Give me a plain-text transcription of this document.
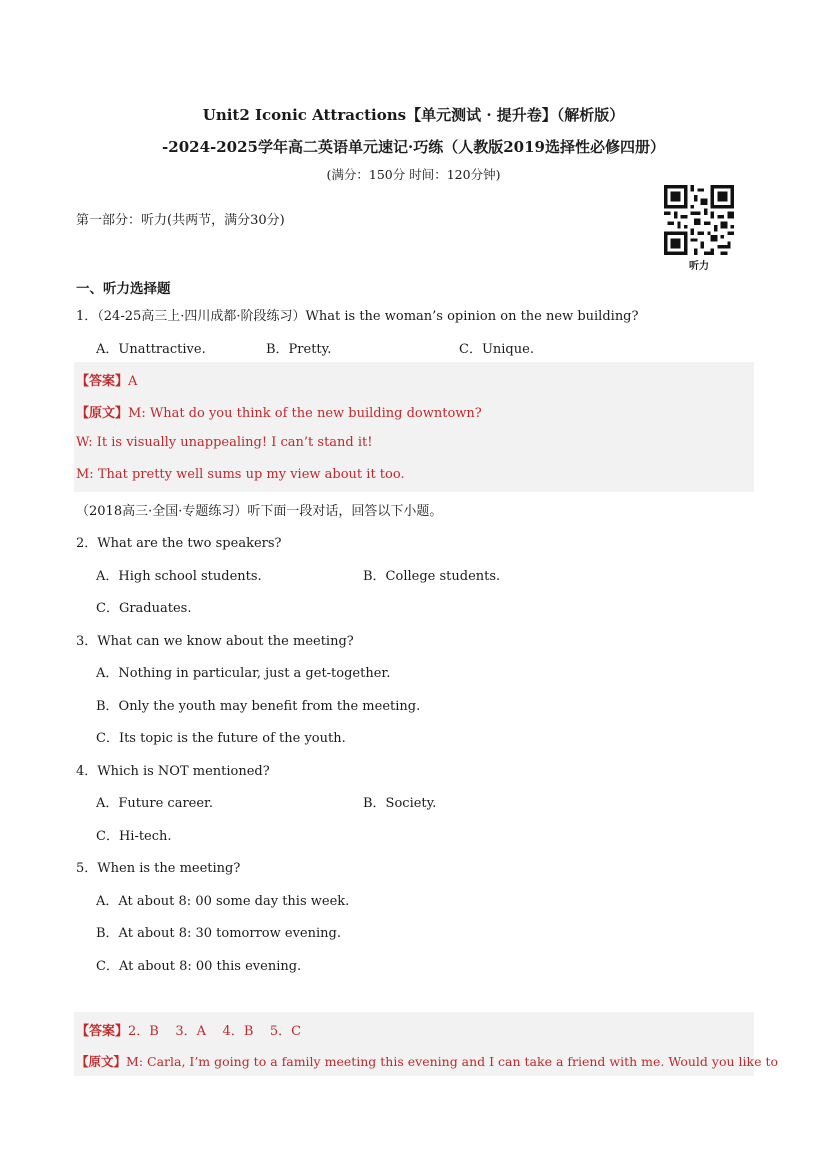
Unit2 Iconic Attractions【单元测试 · 提升卷】（解析版）
-2024-2025学年高二英语单元速记·巧练（人教版2019选择性必修四册）
(满分：150分 时间：120分钟)
第一部分：听力(共两节，满分30分)
听力
一、听力选择题
1．（24-25高三上·四川成都·阶段练习）What is the woman’s opinion on the new building?
A．Unattractive.	B．Pretty.	C．Unique.
【答案】A
【原文】M: What do you think of the new building downtown?
W: It is visually unappealing! I can’t stand it!
M: That pretty well sums up my view about it too.
（2018高三·全国·专题练习）听下面一段对话，回答以下小题。
2．What are the two speakers?
A．High school students.	B．College students.
C．Graduates.
3．What can we know about the meeting?
A．Nothing in particular, just a get-together.
B．Only the youth may benefit from the meeting.
C．Its topic is the future of the youth.
4．Which is NOT mentioned?
A．Future career.	B．Society.
C．Hi-tech.
5．When is the meeting?
A．At about 8: 00 some day this week.
B．At about 8: 30 tomorrow evening.
C．At about 8: 00 this evening.
【答案】2．B    3．A    4．B    5．C
【原文】M: Carla, I’m going to a family meeting this evening and I can take a friend with me. Would you like to
